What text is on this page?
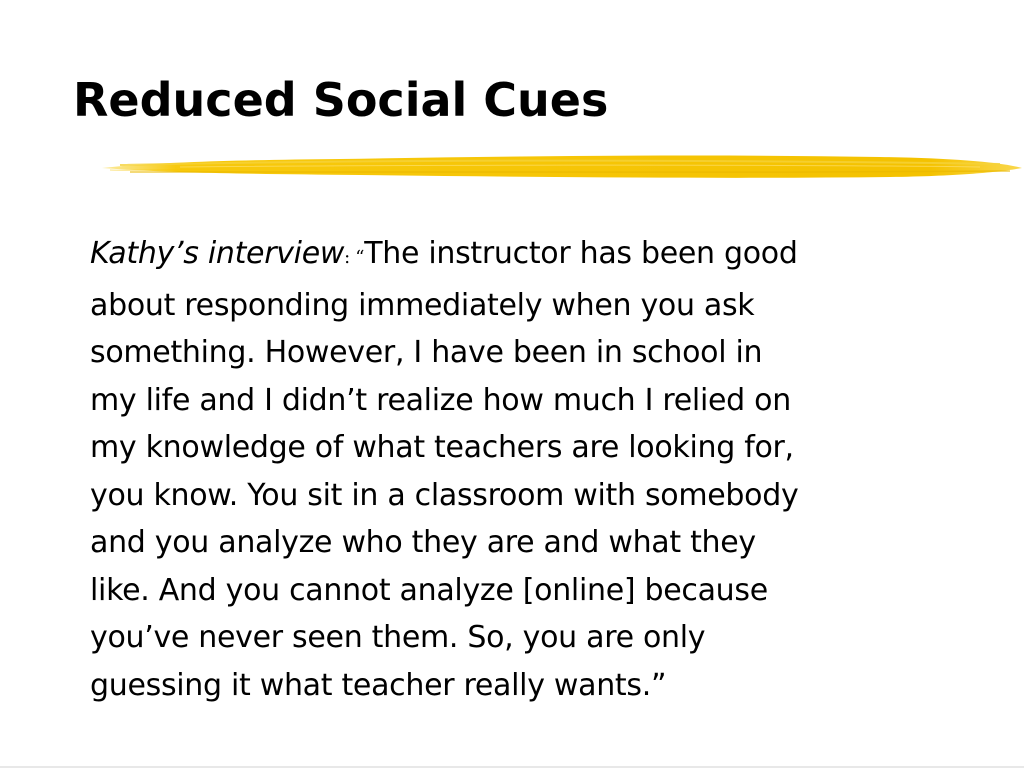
Reduced Social Cues

Kathy’s interview: “The instructor has been good
about responding immediately when you ask
something. However, I have been in school in
my life and I didn’t realize how much I relied on
my knowledge of what teachers are looking for,
you know. You sit in a classroom with somebody
and you analyze who they are and what they
like. And you cannot analyze [online] because
you’ve never seen them. So, you are only
guessing it what teacher really wants.”
